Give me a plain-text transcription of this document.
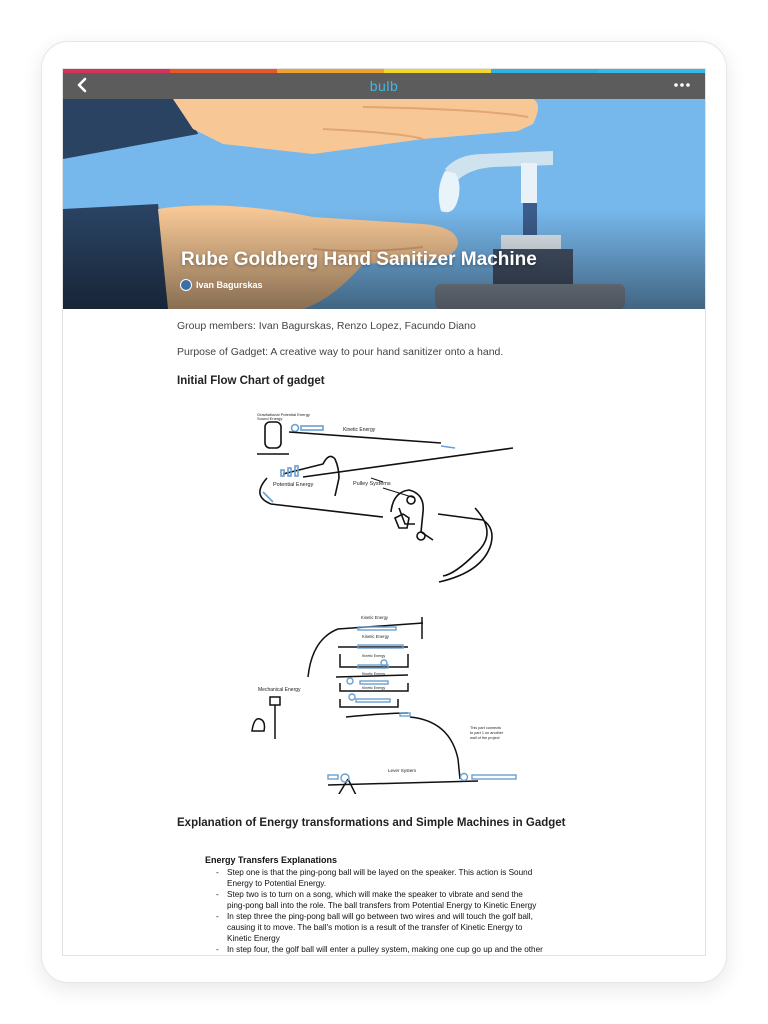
bulb
Rube Goldberg Hand Sanitizer Machine
Ivan Bagurskas

Group members: Ivan Bagurskas, Renzo Lopez, Facundo Diano

Purpose of Gadget: A creative way to pour hand sanitizer onto a hand.

Initial Flow Chart of gadget
Gravitational Potential Energy
Sound Energy
Kinetic Energy
Potential Energy	Pulley Systems
Kinetic Energy
Kinetic Energy
Kinetic Energy
Kinetic Energy
Kinetic Energy
Mechanical Energy
Lever System
This part connects
to part 1 on another
wall of the project
Explanation of Energy transformations and Simple Machines in Gadget
Energy Transfers Explanations
- Step one is that the ping-pong ball will be layed on the speaker. This action is Sound
Energy to Potential Energy.
- Step two is to turn on a song, which will make the speaker to vibrate and send the
ping-pong ball into the role. The ball transfers from Potential Energy to Kinetic Energy
- In step three the ping-pong ball will go between two wires and will touch the golf ball,
causing it to move. The ball's motion is a result of the transfer of Kinetic Energy to
Kinetic Energy
- In step four, the golf ball will enter a pulley system, making one cup go up and the other
